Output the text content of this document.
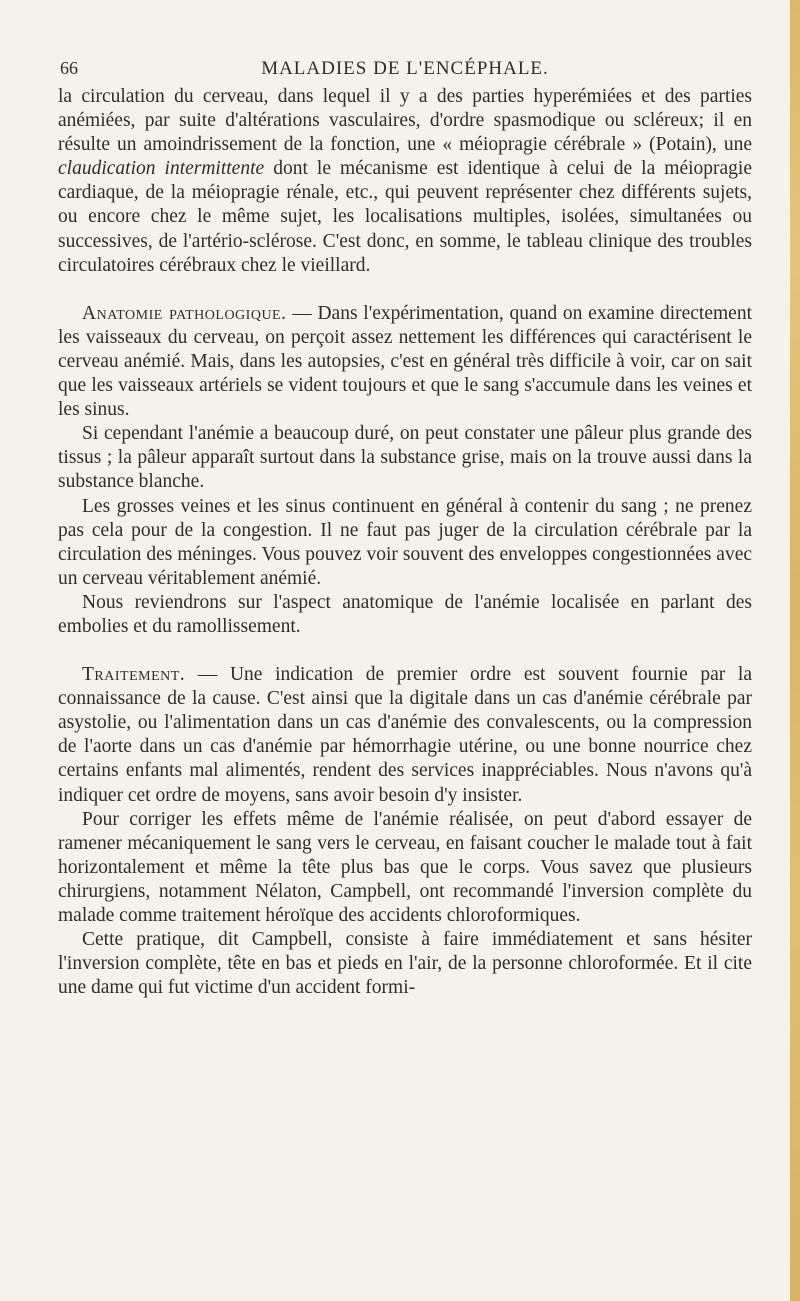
66	MALADIES DE L'ENCÉPHALE.

la circulation du cerveau, dans lequel il y a des parties hyperémiées et des parties anémiées, par suite d'altérations vasculaires, d'ordre spasmodique ou scléreux; il en résulte un amoindrissement de la fonction, une « méiopragie cérébrale » (Potain), une claudication intermittente dont le mécanisme est identique à celui de la méiopragie cardiaque, de la méiopragie rénale, etc., qui peuvent représenter chez différents sujets, ou encore chez le même sujet, les localisations multiples, isolées, simultanées ou successives, de l'artério-sclérose. C'est donc, en somme, le tableau clinique des troubles circulatoires cérébraux chez le vieillard.

Anatomie pathologique. — Dans l'expérimentation, quand on examine directement les vaisseaux du cerveau, on perçoit assez nettement les différences qui caractérisent le cerveau anémié. Mais, dans les autopsies, c'est en général très difficile à voir, car on sait que les vaisseaux artériels se vident toujours et que le sang s'accumule dans les veines et les sinus.

Si cependant l'anémie a beaucoup duré, on peut constater une pâleur plus grande des tissus ; la pâleur apparaît surtout dans la substance grise, mais on la trouve aussi dans la substance blanche.

Les grosses veines et les sinus continuent en général à contenir du sang ; ne prenez pas cela pour de la congestion. Il ne faut pas juger de la circulation cérébrale par la circulation des méninges. Vous pouvez voir souvent des enveloppes congestionnées avec un cerveau véritablement anémié.

Nous reviendrons sur l'aspect anatomique de l'anémie localisée en parlant des embolies et du ramollissement.

Traitement. — Une indication de premier ordre est souvent fournie par la connaissance de la cause. C'est ainsi que la digitale dans un cas d'anémie cérébrale par asystolie, ou l'alimentation dans un cas d'anémie des convalescents, ou la compression de l'aorte dans un cas d'anémie par hémorrhagie utérine, ou une bonne nourrice chez certains enfants mal alimentés, rendent des services inappréciables. Nous n'avons qu'à indiquer cet ordre de moyens, sans avoir besoin d'y insister.

Pour corriger les effets même de l'anémie réalisée, on peut d'abord essayer de ramener mécaniquement le sang vers le cerveau, en faisant coucher le malade tout à fait horizontalement et même la tête plus bas que le corps. Vous savez que plusieurs chirurgiens, notamment Nélaton, Campbell, ont recommandé l'inversion complète du malade comme traitement héroïque des accidents chloroformiques.

Cette pratique, dit Campbell, consiste à faire immédiatement et sans hésiter l'inversion complète, tête en bas et pieds en l'air, de la personne chloroformée. Et il cite une dame qui fut victime d'un accident formi-
